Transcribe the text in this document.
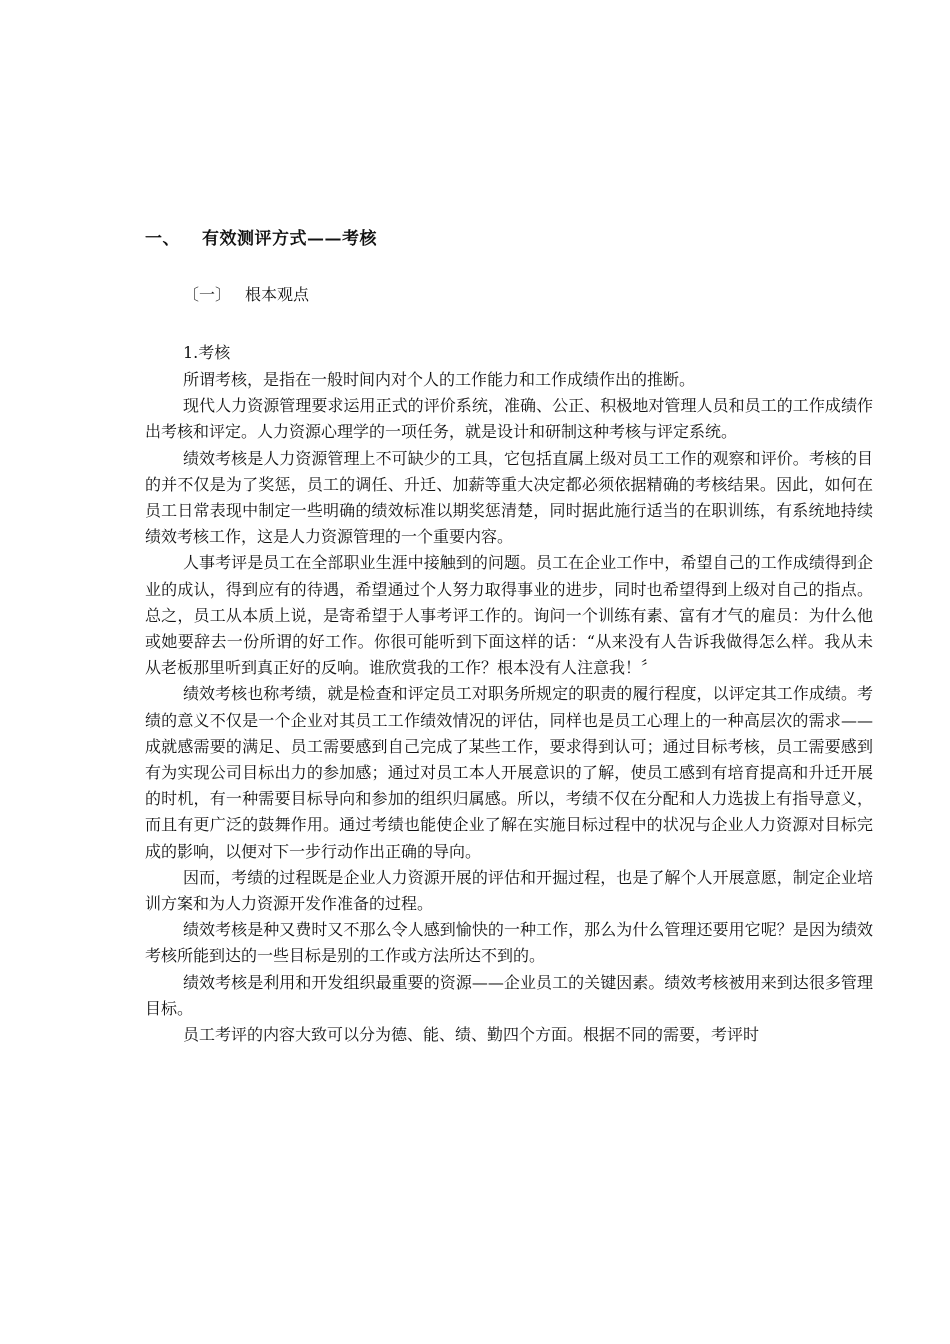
一、 有效测评方式——考核
〔一〕 根本观点
1.考核

所谓考核，是指在一般时间内对个人的工作能力和工作成绩作出的推断。

现代人力资源管理要求运用正式的评价系统，准确、公正、积极地对管理人员和员工的工作成绩作出考核和评定。人力资源心理学的一项任务，就是设计和研制这种考核与评定系统。

绩效考核是人力资源管理上不可缺少的工具，它包括直属上级对员工工作的观察和评价。考核的目的并不仅是为了奖惩，员工的调任、升迁、加薪等重大决定都必须依据精确的考核结果。因此，如何在员工日常表现中制定一些明确的绩效标准以期奖惩清楚，同时据此施行适当的在职训练，有系统地持续绩效考核工作，这是人力资源管理的一个重要内容。

人事考评是员工在全部职业生涯中接触到的问题。员工在企业工作中，希望自己的工作成绩得到企业的成认，得到应有的待遇，希望通过个人努力取得事业的进步，同时也希望得到上级对自己的指点。总之，员工从本质上说，是寄希望于人事考评工作的。询问一个训练有素、富有才气的雇员：为什么他或她要辞去一份所谓的好工作。你很可能听到下面这样的话：“从来没有人告诉我做得怎么样。我从未从老板那里听到真正好的反响。谁欣赏我的工作？根本没有人注意我！〞

绩效考核也称考绩，就是检查和评定员工对职务所规定的职责的履行程度，以评定其工作成绩。考绩的意义不仅是一个企业对其员工工作绩效情况的评估，同样也是员工心理上的一种高层次的需求——成就感需要的满足、员工需要感到自己完成了某些工作，要求得到认可；通过目标考核，员工需要感到有为实现公司目标出力的参加感；通过对员工本人开展意识的了解，使员工感到有培育提高和升迁开展的时机，有一种需要目标导向和参加的组织归属感。所以，考绩不仅在分配和人力选拔上有指导意义，而且有更广泛的鼓舞作用。通过考绩也能使企业了解在实施目标过程中的状况与企业人力资源对目标完成的影响，以便对下一步行动作出正确的导向。

因而，考绩的过程既是企业人力资源开展的评估和开掘过程，也是了解个人开展意愿，制定企业培训方案和为人力资源开发作准备的过程。

绩效考核是种又费时又不那么令人感到愉快的一种工作，那么为什么管理还要用它呢？是因为绩效考核所能到达的一些目标是别的工作或方法所达不到的。

绩效考核是利用和开发组织最重要的资源——企业员工的关键因素。绩效考核被用来到达很多管理目标。

员工考评的内容大致可以分为德、能、绩、勤四个方面。根据不同的需要，考评时
